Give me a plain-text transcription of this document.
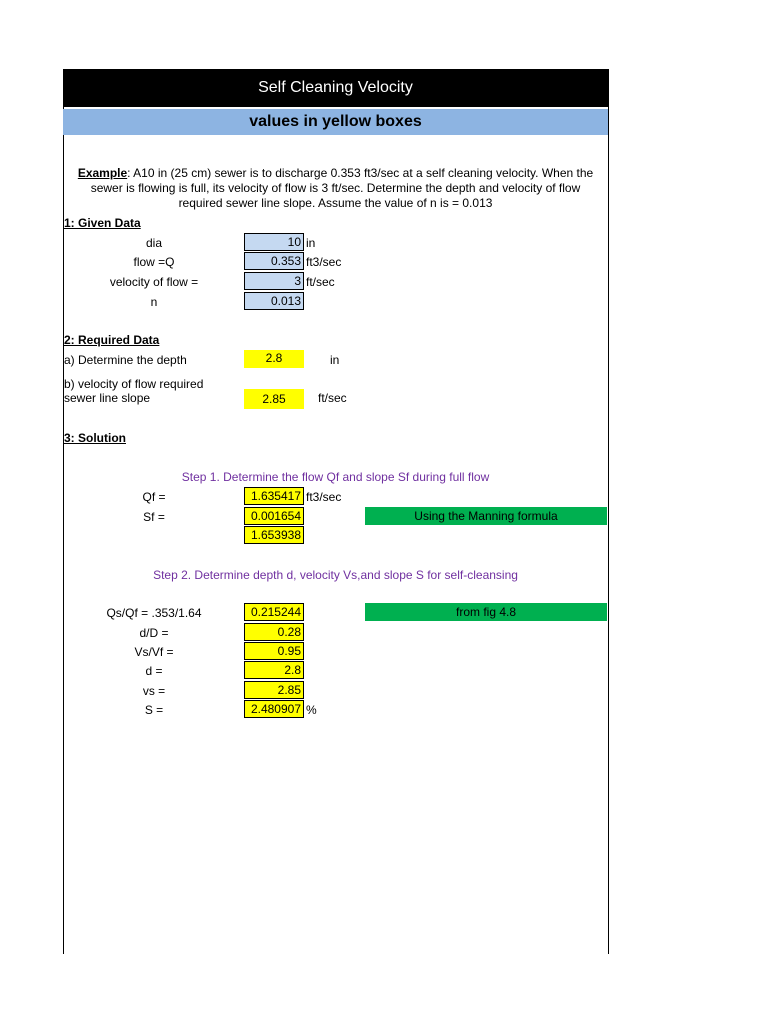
Self Cleaning Velocity
values in yellow boxes
Example: A10 in (25 cm) sewer is to discharge 0.353 ft3/sec at a self cleaning velocity. When the
sewer is flowing is full, its velocity of flow is 3 ft/sec. Determine the depth and velocity of flow
required sewer line slope. Assume the value of n is = 0.013
1: Given Data
dia	10 in
flow =Q	0.353 ft3/sec
velocity of flow =	3 ft/sec
n	0.013
2: Required Data
a) Determine the depth	2.8	in
b) velocity of flow required
sewer line slope	2.85	ft/sec
3: Solution
Step 1. Determine the flow Qf and slope Sf during full flow
Qf =	1.635417 ft3/sec
Sf =	0.001654	Using the Manning formula
1.653938
Step 2. Determine depth d, velocity Vs,and slope S for self-cleansing
Qs/Qf = .353/1.64	0.215244	from fig 4.8
d/D =	0.28
Vs/Vf =	0.95
d =	2.8
vs =	2.85
S =	2.480907 %
